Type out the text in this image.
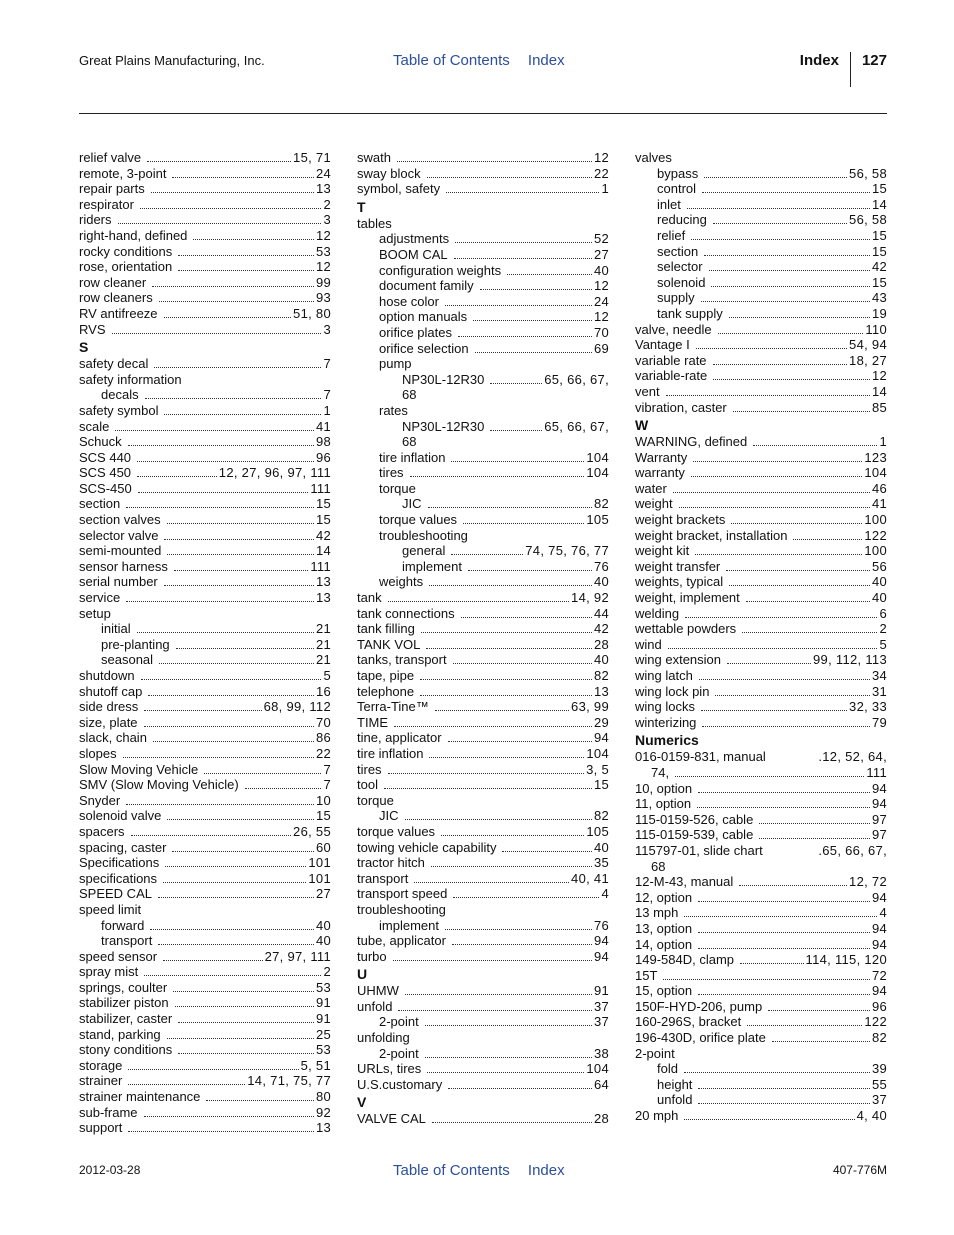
Great Plains Manufacturing, Inc.	Table of Contents Index	Index 127
relief valve	15, 71
remote, 3-point	24
repair parts	13
respirator	2
riders	3
right-hand, defined	12
rocky conditions	53
rose, orientation	12
row cleaner	99
row cleaners	93
RV antifreeze	51, 80
RVS	3
S
safety decal	7
safety information
decals	7
safety symbol	1
scale	41
Schuck	98
SCS 440	96
SCS 450	12, 27, 96, 97, 111
SCS-450	111
section	15
section valves	15
selector valve	42
semi-mounted	14
sensor harness	111
serial number	13
service	13
setup
initial	21
pre-planting	21
seasonal	21
shutdown	5
shutoff cap	16
side dress	68, 99, 112
size, plate	70
slack, chain	86
slopes	22
Slow Moving Vehicle	7
SMV (Slow Moving Vehicle)	7
Snyder	10
solenoid valve	15
spacers	26, 55
spacing, caster	60
Specifications	101
specifications	101
SPEED CAL	27
speed limit
forward	40
transport	40
speed sensor	27, 97, 111
spray mist	2
springs, coulter	53
stabilizer piston	91
stabilizer, caster	91
stand, parking	25
stony conditions	53
storage	5, 51
strainer	14, 71, 75, 77
strainer maintenance	80
sub-frame	92
support	13
swath	12
sway block	22
symbol, safety	1
T
tables
adjustments	52
BOOM CAL	27
configuration weights	40
document family	12
hose color	24
option manuals	12
orifice plates	70
orifice selection	69
pump
NP30L-12R30	65, 66, 67,
68
rates
NP30L-12R30	65, 66, 67,
68
tire inflation	104
tires	104
torque
JIC	82
torque values	105
troubleshooting
general	74, 75, 76, 77
implement	76
weights	40
tank	14, 92
tank connections	44
tank filling	42
TANK VOL	28
tanks, transport	40
tape, pipe	82
telephone	13
Terra-Tine™	63, 99
TIME	29
tine, applicator	94
tire inflation	104
tires	3, 5
tool	15
torque
JIC	82
torque values	105
towing vehicle capability	40
tractor hitch	35
transport	40, 41
transport speed	4
troubleshooting
implement	76
tube, applicator	94
turbo	94
U
UHMW	91
unfold	37
2-point	37
unfolding
2-point	38
URLs, tires	104
U.S.customary	64
V
VALVE CAL	28
valves
bypass	56, 58
control	15
inlet	14
reducing	56, 58
relief	15
section	15
selector	42
solenoid	15
supply	43
tank supply	19
valve, needle	110
Vantage I	54, 94
variable rate	18, 27
variable-rate	12
vent	14
vibration, caster	85
W
WARNING, defined	1
Warranty	123
warranty	104
water	46
weight	41
weight brackets	100
weight bracket, installation	122
weight kit	100
weight transfer	56
weights, typical	40
weight, implement	40
welding	6
wettable powders	2
wind	5
wing extension	99, 112, 113
wing latch	34
wing lock pin	31
wing locks	32, 33
winterizing	79
Numerics
016-0159-831, manual	.12, 52, 64,
74,	111
10, option	94
11, option	94
115-0159-526, cable	97
115-0159-539, cable	97
115797-01, slide chart	.65, 66, 67,
68
12-M-43, manual	12, 72
12, option	94
13 mph	4
13, option	94
14, option	94
149-584D, clamp	114, 115, 120
15T	72
15, option	94
150F-HYD-206, pump	96
160-296S, bracket	122
196-430D, orifice plate	82
2-point
fold	39
height	55
unfold	37
20 mph	4, 40
2012-03-28	Table of Contents Index	407-776M
